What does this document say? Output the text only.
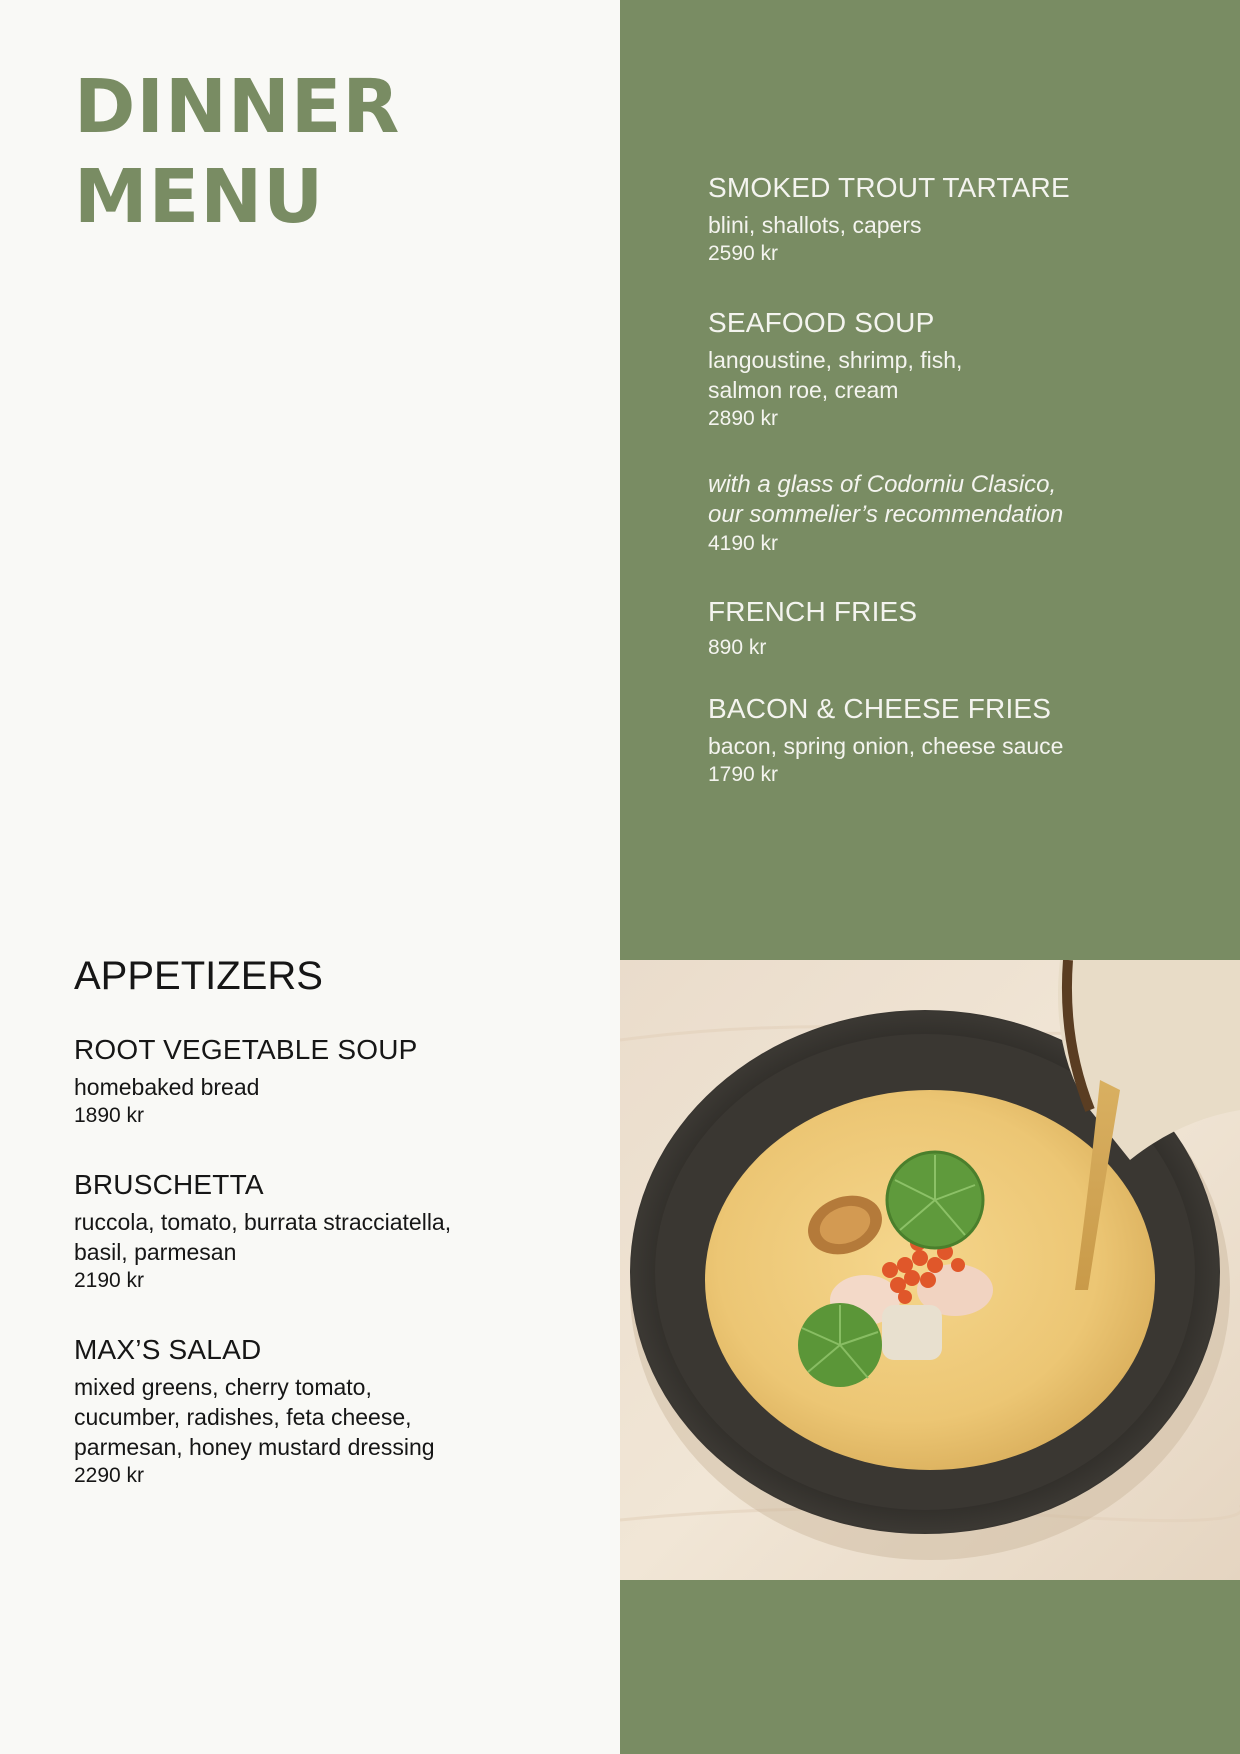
DINNER
MENU
APPETIZERS
ROOT VEGETABLE SOUP

homebaked bread

1890 kr

BRUSCHETTA

ruccola, tomato, burrata stracciatella,

basil, parmesan

2190 kr

MAX’S SALAD

mixed greens, cherry tomato,

cucumber, radishes, feta cheese,

parmesan, honey mustard dressing

2290 kr

SMOKED TROUT TARTARE

blini, shallots, capers

2590 kr

SEAFOOD SOUP

langoustine, shrimp, fish,

salmon roe, cream

2890 kr

with a glass of Codorniu Clasico,

our sommelier’s recommendation

4190 kr

FRENCH FRIES

890 kr

BACON & CHEESE FRIES

bacon, spring onion, cheese sauce

1790 kr
